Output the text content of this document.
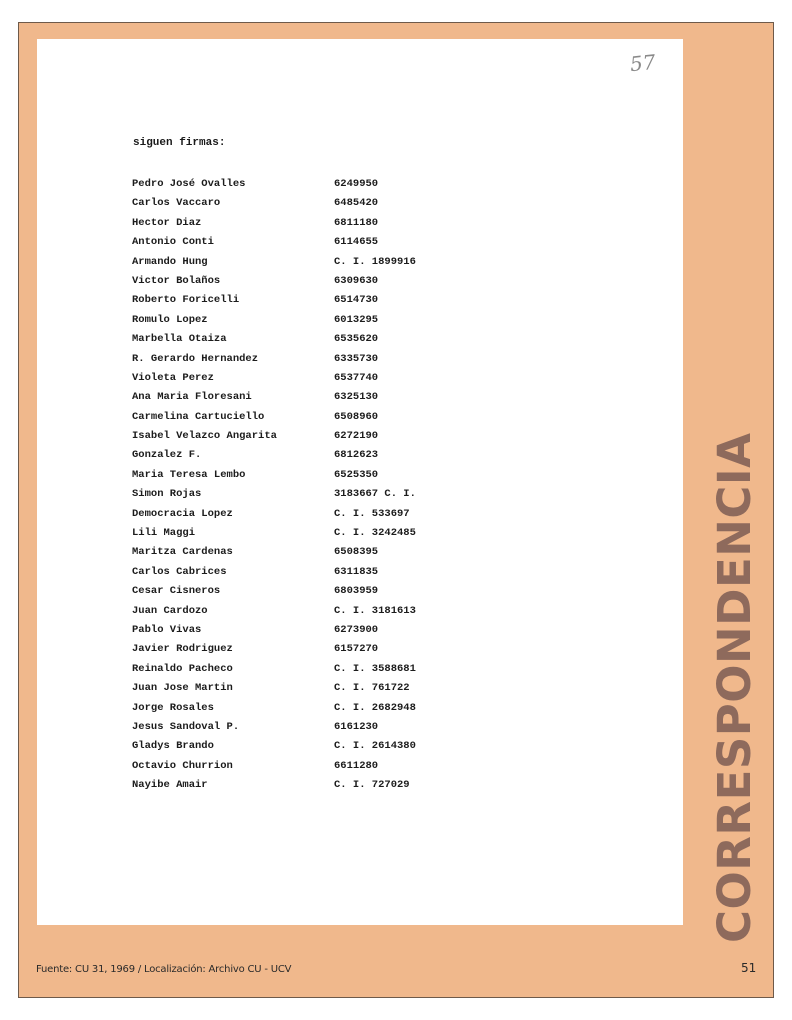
57
siguen firmas:
Pedro José Ovalles	6249950
Carlos Vaccaro	6485420
Hector Diaz	6811180
Antonio Conti	6114655
Armando Hung	C. I. 1899916
Victor Bolaños	6309630
Roberto Foricelli	6514730
Romulo Lopez	6013295
Marbella Otaiza	6535620
R. Gerardo Hernandez	6335730
Violeta Perez	6537740
Ana Maria Floresani	6325130
Carmelina Cartuciello	6508960
Isabel Velazco Angarita	6272190
Gonzalez F.	6812623
Maria Teresa Lembo	6525350
Simon Rojas	3183667 C. I.
Democracia Lopez	C. I. 533697
Lili Maggi	C. I. 3242485
Maritza Cardenas	6508395
Carlos Cabrices	6311835
Cesar Cisneros	6803959
Juan Cardozo	C. I. 3181613
Pablo Vivas	6273900
Javier Rodriguez	6157270
Reinaldo Pacheco	C. I. 3588681
Juan Jose Martin	C. I. 761722
Jorge Rosales	C. I. 2682948
Jesus Sandoval P.	6161230
Gladys Brando	C. I. 2614380
Octavio Churrion	6611280
Nayibe Amair	C. I. 727029	CORRESPONDENCIA
Fuente: CU 31, 1969 / Localización: Archivo CU - UCV	51
